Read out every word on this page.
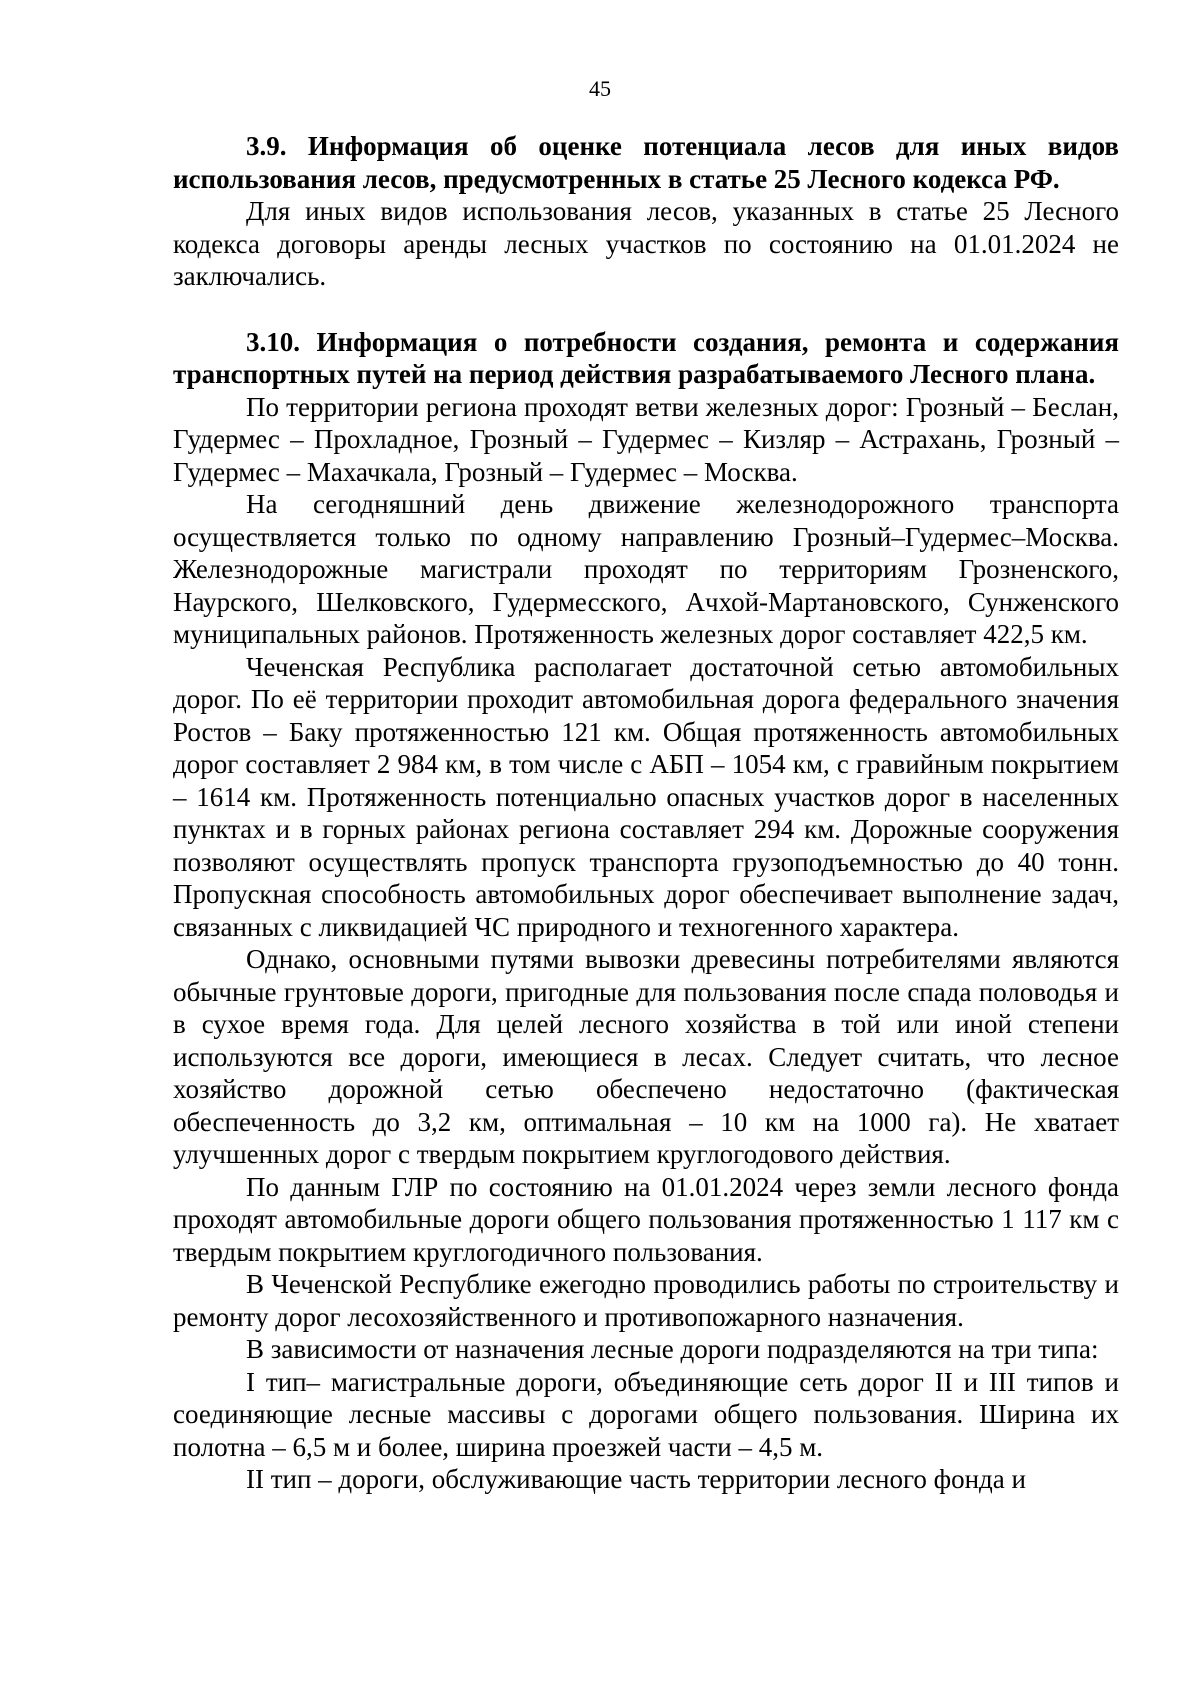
45

3.9. Информация об оценке потенциала лесов для иных видов использования лесов, предусмотренных в статье 25 Лесного кодекса РФ.

Для иных видов использования лесов, указанных в статье 25 Лесного кодекса договоры аренды лесных участков по состоянию на 01.01.2024 не заключались.

3.10. Информация о потребности создания, ремонта и содержания транспортных путей на период действия разрабатываемого Лесного плана.

По территории региона проходят ветви железных дорог: Грозный – Беслан, Гудермес – Прохладное, Грозный – Гудермес – Кизляр – Астрахань, Грозный – Гудермес – Махачкала, Грозный – Гудермес – Москва.

На сегодняшний день движение железнодорожного транспорта осуществляется только по одному направлению Грозный–Гудермес–Москва. Железнодорожные магистрали проходят по территориям Грозненского, Наурского, Шелковского, Гудермесского, Ачхой-Мартановского, Сунженского муниципальных районов. Протяженность железных дорог составляет 422,5 км.

Чеченская Республика располагает достаточной сетью автомобильных дорог. По её территории проходит автомобильная дорога федерального значения Ростов – Баку протяженностью 121 км. Общая протяженность автомобильных дорог составляет 2 984 км, в том числе с АБП – 1054 км, с гравийным покрытием – 1614 км. Протяженность потенциально опасных участков дорог в населенных пунктах и в горных районах региона составляет 294 км. Дорожные сооружения позволяют осуществлять пропуск транспорта грузоподъемностью до 40 тонн. Пропускная способность автомобильных дорог обеспечивает выполнение задач, связанных с ликвидацией ЧС природного и техногенного характера.

Однако, основными путями вывозки древесины потребителями являются обычные грунтовые дороги, пригодные для пользования после спада половодья и в сухое время года. Для целей лесного хозяйства в той или иной степени используются все дороги, имеющиеся в лесах. Следует считать, что лесное хозяйство дорожной сетью обеспечено недостаточно (фактическая обеспеченность до 3,2 км, оптимальная – 10 км на 1000 га). Не хватает улучшенных дорог с твердым покрытием круглогодового действия.

По данным ГЛР по состоянию на 01.01.2024 через земли лесного фонда проходят автомобильные дороги общего пользования протяженностью 1 117 км с твердым покрытием круглогодичного пользования.

В Чеченской Республике ежегодно проводились работы по строительству и ремонту дорог лесохозяйственного и противопожарного назначения.

В зависимости от назначения лесные дороги подразделяются на три типа:

I тип– магистральные дороги, объединяющие сеть дорог II и III типов и соединяющие лесные массивы с дорогами общего пользования. Ширина их полотна – 6,5 м и более, ширина проезжей части – 4,5 м.

II тип – дороги, обслуживающие часть территории лесного фонда и
